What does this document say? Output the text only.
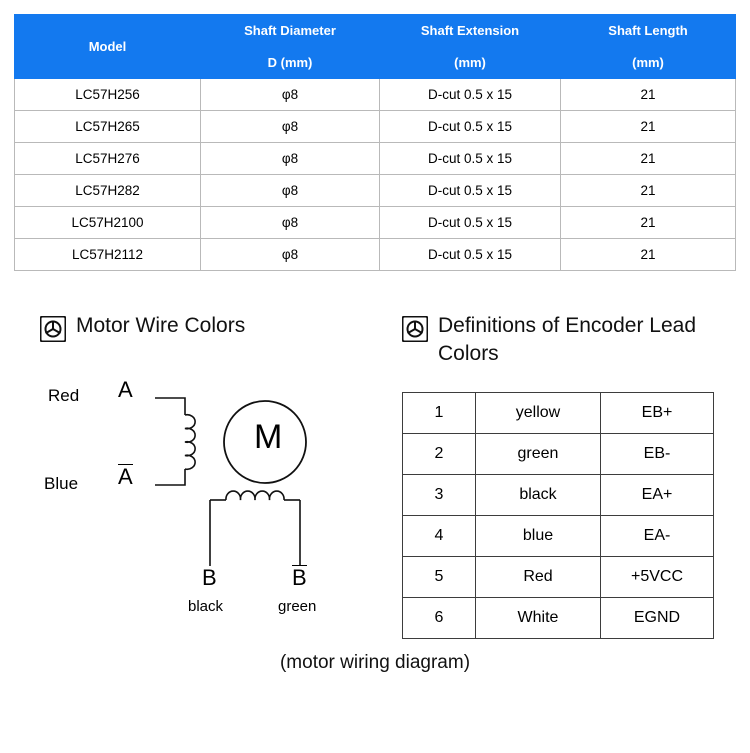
Model	Shaft Diameter	Shaft Extension	Shaft Length
	D (mm)	(mm)	(mm)
LC57H256	φ8	D-cut 0.5 x 15	21
LC57H265	φ8	D-cut 0.5 x 15	21
LC57H276	φ8	D-cut 0.5 x 15	21
LC57H282	φ8	D-cut 0.5 x 15	21
LC57H2100	φ8	D-cut 0.5 x 15	21
LC57H2112	φ8	D-cut 0.5 x 15	21
Motor Wire Colors	Definitions of Encoder Lead Colors
Red A
Blue A
M
B	B
black	green
1	yellow	EB+
2	green	EB-
3	black	EA+
4	blue	EA-
5	Red	+5VCC
6	White	EGND
(motor wiring diagram)
